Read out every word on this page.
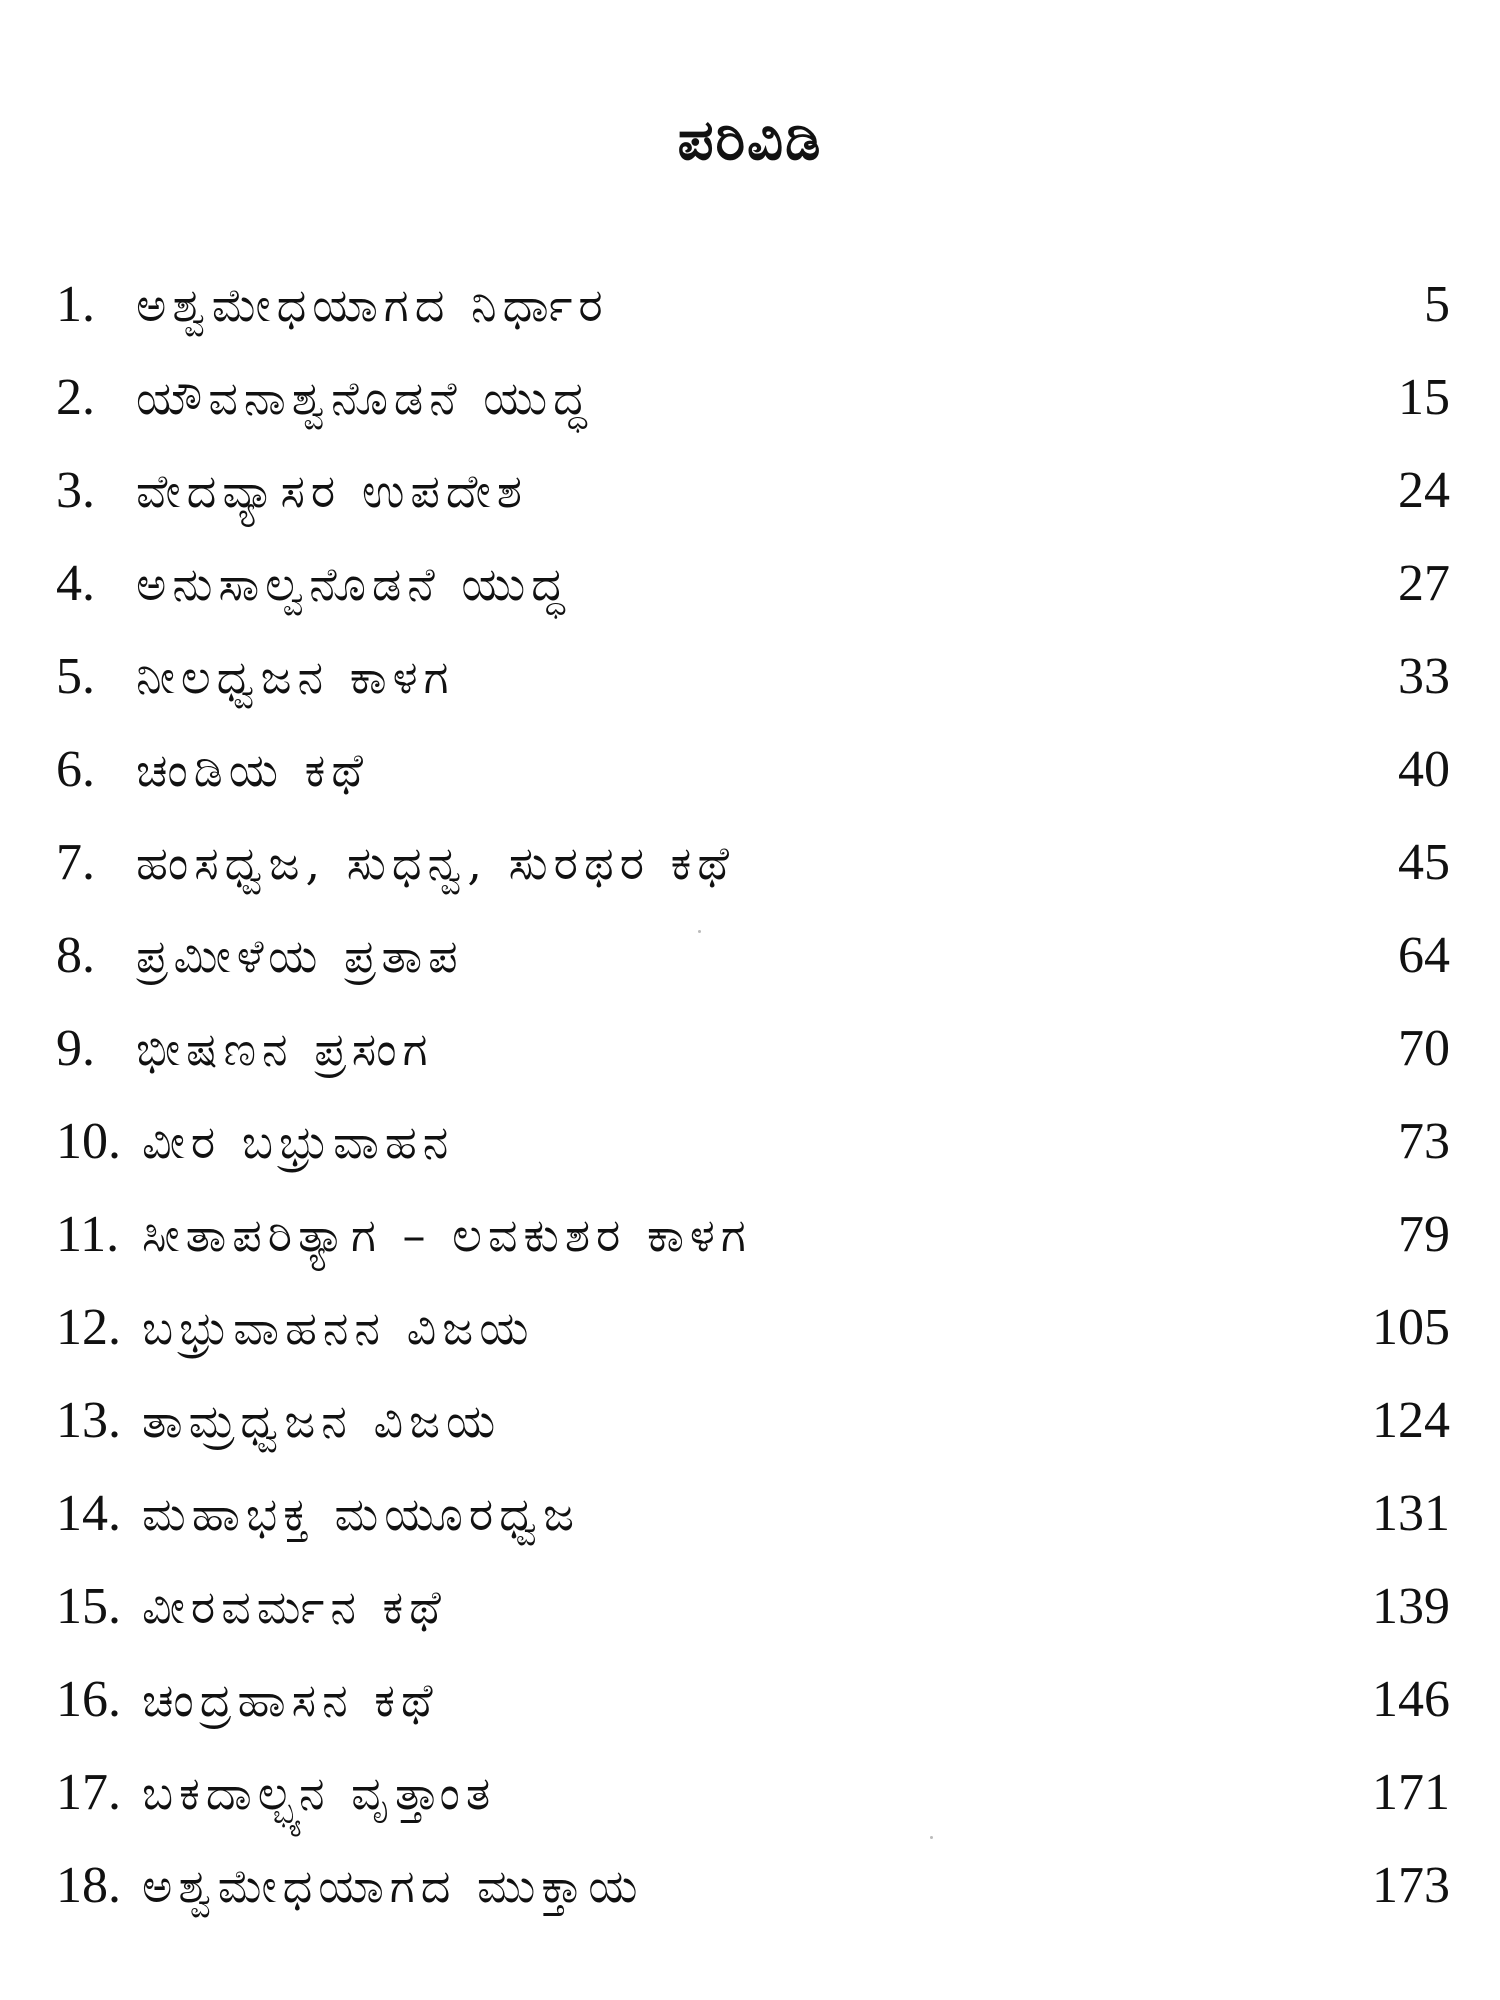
ಪರಿವಿಡಿ
1. ಅಶ್ವಮೇಧಯಾಗದ ನಿರ್ಧಾರ	5
2. ಯೌವನಾಶ್ವನೊಡನೆ ಯುದ್ಧ	15
3. ವೇದವ್ಯಾಸರ ಉಪದೇಶ	24
4. ಅನುಸಾಲ್ವನೊಡನೆ ಯುದ್ಧ	27
5. ನೀಲಧ್ವಜನ ಕಾಳಗ	33
6. ಚಂಡಿಯ ಕಥೆ	40
7. ಹಂಸಧ್ವಜ, ಸುಧನ್ವ, ಸುರಥರ ಕಥೆ	45
8. ಪ್ರಮೀಳೆಯ ಪ್ರತಾಪ	64
9. ಭೀಷಣನ ಪ್ರಸಂಗ	70
10. ವೀರ ಬಭ್ರುವಾಹನ	73
11. ಸೀತಾಪರಿತ್ಯಾಗ – ಲವಕುಶರ ಕಾಳಗ	79
12. ಬಭ್ರುವಾಹನನ ವಿಜಯ	105
13. ತಾಮ್ರಧ್ವಜನ ವಿಜಯ	124
14. ಮಹಾಭಕ್ತ ಮಯೂರಧ್ವಜ	131
15. ವೀರವರ್ಮನ ಕಥೆ	139
16. ಚಂದ್ರಹಾಸನ ಕಥೆ	146
17. ಬಕದಾಲ್ಭ್ಯನ ವೃತ್ತಾಂತ	171
18. ಅಶ್ವಮೇಧಯಾಗದ ಮುಕ್ತಾಯ	173
